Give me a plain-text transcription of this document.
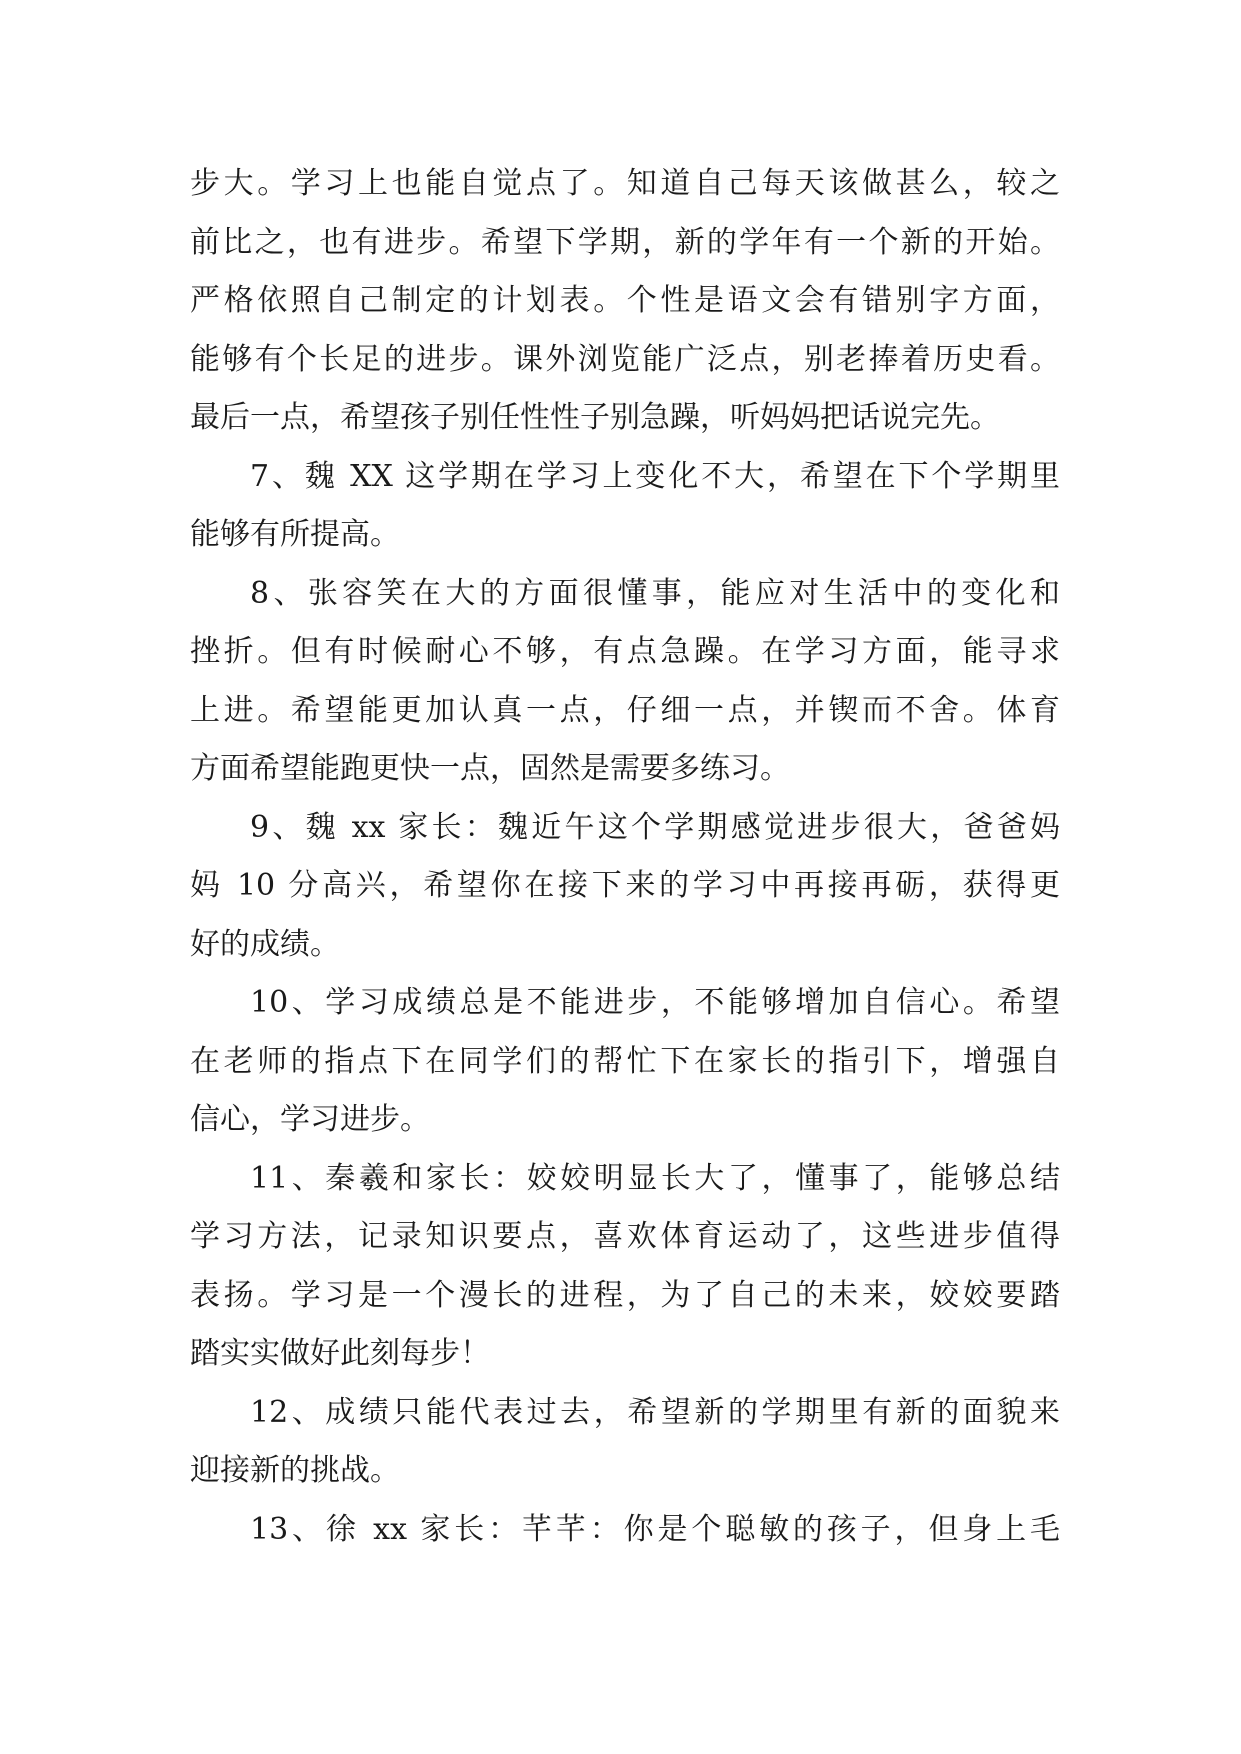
步大。学习上也能自觉点了。知道自己每天该做甚么，较之
前比之，也有进步。希望下学期，新的学年有一个新的开始。
严格依照自己制定的计划表。个性是语文会有错别字方面，
能够有个长足的进步。课外浏览能广泛点，别老捧着历史看。
最后一点，希望孩子别任性性子别急躁，听妈妈把话说完先。
7、魏 XX 这学期在学习上变化不大，希望在下个学期里
能够有所提高。
8、张容笑在大的方面很懂事，能应对生活中的变化和
挫折。但有时候耐心不够，有点急躁。在学习方面，能寻求
上进。希望能更加认真一点，仔细一点，并锲而不舍。体育
方面希望能跑更快一点，固然是需要多练习。
9、魏 xx 家长：魏近午这个学期感觉进步很大，爸爸妈
妈 10 分高兴，希望你在接下来的学习中再接再砺，获得更
好的成绩。
10、学习成绩总是不能进步，不能够增加自信心。希望
在老师的指点下在同学们的帮忙下在家长的指引下，增强自
信心，学习进步。
11、秦羲和家长：姣姣明显长大了，懂事了，能够总结
学习方法，记录知识要点，喜欢体育运动了，这些进步值得
表扬。学习是一个漫长的进程，为了自己的未来，姣姣要踏
踏实实做好此刻每步！
12、成绩只能代表过去，希望新的学期里有新的面貌来
迎接新的挑战。
13、徐 xx 家长：芊芊：你是个聪敏的孩子，但身上毛
